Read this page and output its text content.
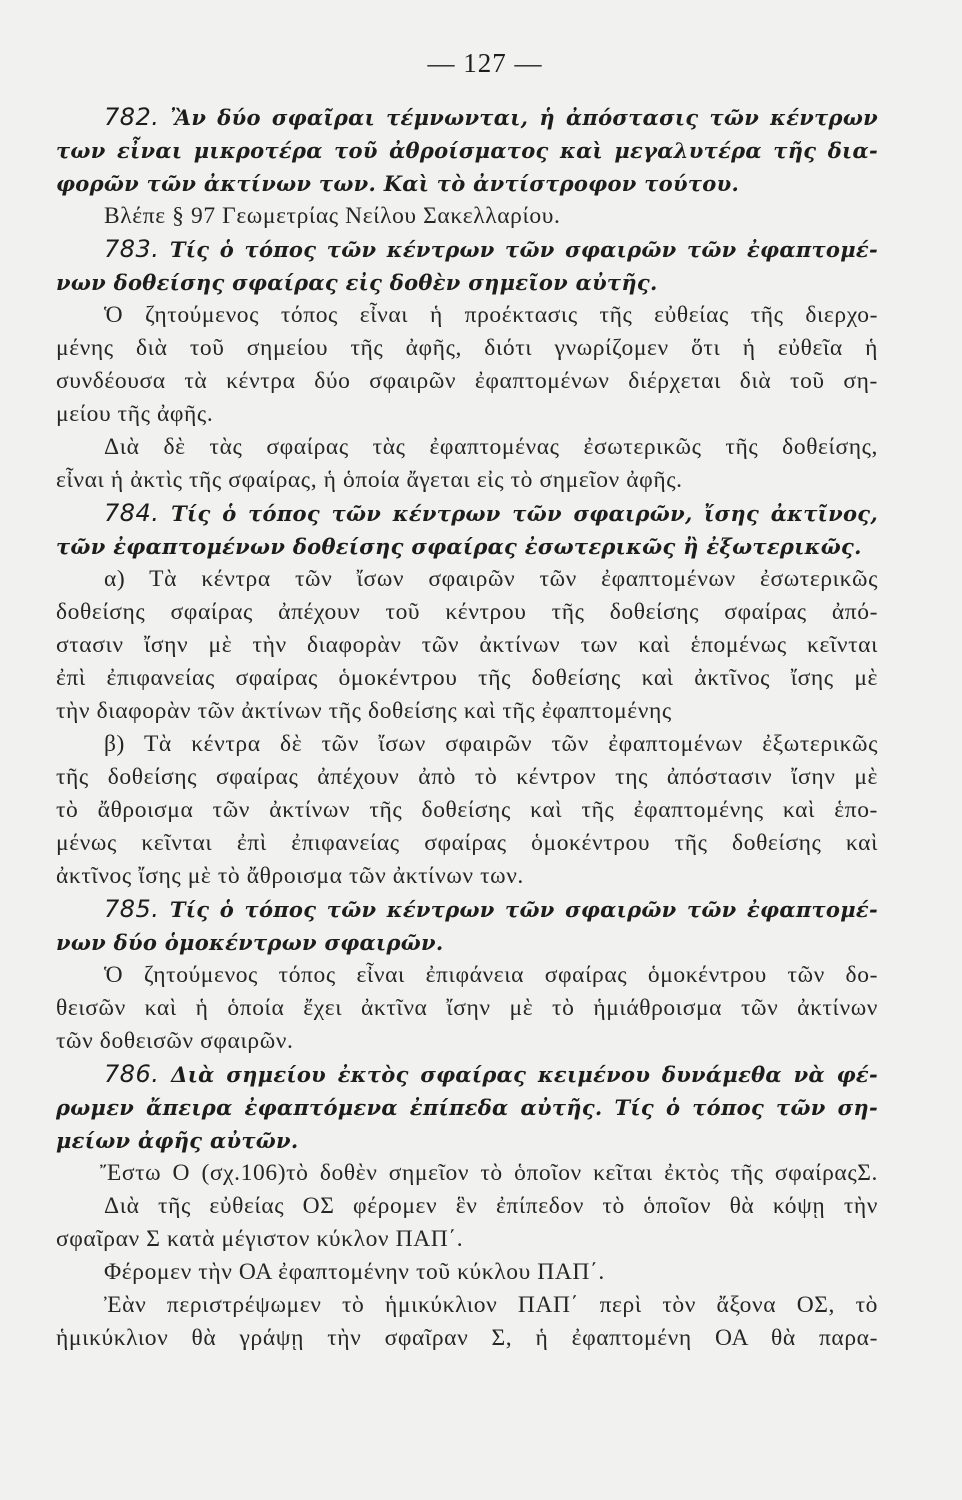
— 127 —
782. Ἂν δύο σφαῖραι τέμνωνται, ἡ ἀπόστασις τῶν κέντρων
των εἶναι μικροτέρα τοῦ ἀθροίσματος καὶ μεγαλυτέρα τῆς δια-
φορῶν τῶν ἀκτίνων των. Καὶ τὸ ἀντίστροφον τούτου.
Βλέπε § 97 Γεωμετρίας Νείλου Σακελλαρίου.
783. Τίς ὁ τόπος τῶν κέντρων τῶν σφαιρῶν τῶν ἐφαπτομέ-
νων δοθείσης σφαίρας εἰς δοθὲν σημεῖον αὐτῆς.
Ὁ ζητούμενος τόπος εἶναι ἡ προέκτασις τῆς εὐθείας τῆς διερχο-
μένης διὰ τοῦ σημείου τῆς ἀφῆς, διότι γνωρίζομεν ὅτι ἡ εὐθεῖα ἡ
συνδέουσα τὰ κέντρα δύο σφαιρῶν ἐφαπτομένων διέρχεται διὰ τοῦ ση-
μείου τῆς ἀφῆς.
Διὰ δὲ τὰς σφαίρας τὰς ἐφαπτομένας ἐσωτερικῶς τῆς δοθείσης,
εἶναι ἡ ἀκτὶς τῆς σφαίρας, ἡ ὁποία ἄγεται εἰς τὸ σημεῖον ἀφῆς.
784. Τίς ὁ τόπος τῶν κέντρων τῶν σφαιρῶν, ἴσης ἀκτῖνος,
τῶν ἐφαπτομένων δοθείσης σφαίρας ἐσωτερικῶς ἢ ἐξωτερικῶς.
α) Τὰ κέντρα τῶν ἴσων σφαιρῶν τῶν ἐφαπτομένων ἐσωτερικῶς
δοθείσης σφαίρας ἀπέχουν τοῦ κέντρου τῆς δοθείσης σφαίρας ἀπό-
στασιν ἴσην μὲ τὴν διαφορὰν τῶν ἀκτίνων των καὶ ἑπομένως κεῖνται
ἐπὶ ἐπιφανείας σφαίρας ὁμοκέντρου τῆς δοθείσης καὶ ἀκτῖνος ἴσης μὲ
τὴν διαφορὰν τῶν ἀκτίνων τῆς δοθείσης καὶ τῆς ἐφαπτομένης
β) Τὰ κέντρα δὲ τῶν ἴσων σφαιρῶν τῶν ἐφαπτομένων ἐξωτερικῶς
τῆς δοθείσης σφαίρας ἀπέχουν ἀπὸ τὸ κέντρον της ἀπόστασιν ἴσην μὲ
τὸ ἄθροισμα τῶν ἀκτίνων τῆς δοθείσης καὶ τῆς ἐφαπτομένης καὶ ἑπο-
μένως κεῖνται ἐπὶ ἐπιφανείας σφαίρας ὁμοκέντρου τῆς δοθείσης καὶ
ἀκτῖνος ἴσης μὲ τὸ ἄθροισμα τῶν ἀκτίνων των.
785. Τίς ὁ τόπος τῶν κέντρων τῶν σφαιρῶν τῶν ἐφαπτομέ-
νων δύο ὁμοκέντρων σφαιρῶν.
Ὁ ζητούμενος τόπος εἶναι ἐπιφάνεια σφαίρας ὁμοκέντρου τῶν δο-
θεισῶν καὶ ἡ ὁποία ἔχει ἀκτῖνα ἴσην μὲ τὸ ἡμιάθροισμα τῶν ἀκτίνων
τῶν δοθεισῶν σφαιρῶν.
786. Διὰ σημείου ἐκτὸς σφαίρας κειμένου δυνάμεθα νὰ φέ-
ρωμεν ἄπειρα ἐφαπτόμενα ἐπίπεδα αὐτῆς. Τίς ὁ τόπος τῶν ση-
μείων ἀφῆς αὐτῶν.
Ἔστω Ο (σχ.106)τὸ δοθὲν σημεῖον τὸ ὁποῖον κεῖται ἐκτὸς τῆς σφαίραςΣ.
Διὰ τῆς εὐθείας ΟΣ φέρομεν ἓν ἐπίπεδον τὸ ὁποῖον θὰ κόψῃ τὴν
σφαῖραν Σ κατὰ μέγιστον κύκλον ΠΑΠ΄.
Φέρομεν τὴν ΟΑ ἐφαπτομένην τοῦ κύκλου ΠΑΠ΄.
Ἐὰν περιστρέψωμεν τὸ ἡμικύκλιον ΠΑΠ΄ περὶ τὸν ἄξονα ΟΣ, τὸ
ἡμικύκλιον θὰ γράψῃ τὴν σφαῖραν Σ, ἡ ἐφαπτομένη ΟΑ θὰ παρα-
